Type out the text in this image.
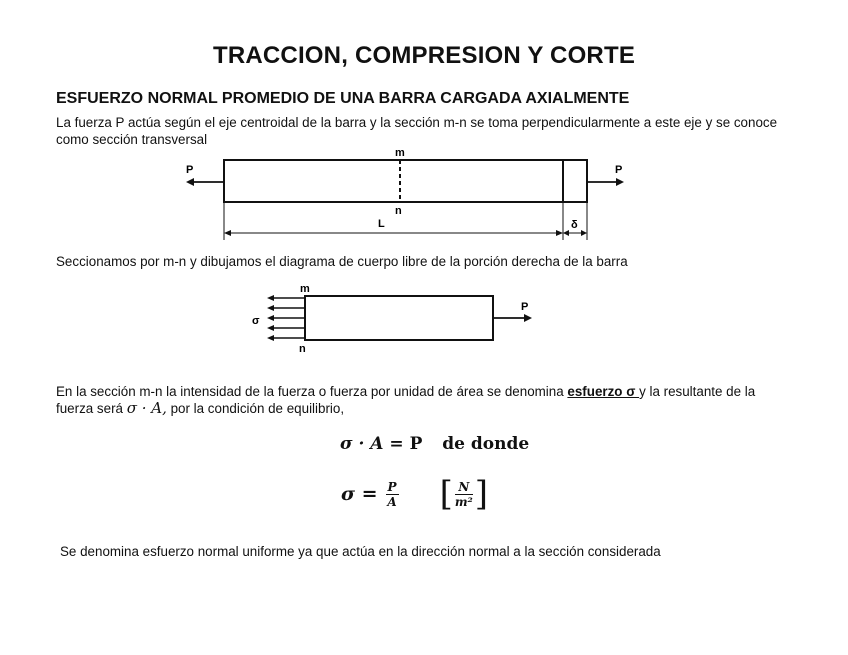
TRACCION, COMPRESION Y CORTE
ESFUERZO NORMAL PROMEDIO DE UNA BARRA CARGADA AXIALMENTE
La fuerza P actúa según el eje centroidal de la barra y la sección m-n se toma perpendicularmente a este eje y se conoce como sección transversal
m
n
P	P
L	δ
Seccionamos por m-n y dibujamos el diagrama de cuerpo libre de la porción derecha de la barra
m
n
σ
P
En la sección m-n la intensidad de la fuerza o fuerza por unidad de área se denomina esfuerzo σ y la resultante de la fuerza será σ · A, por la condición de equilibrio,
σ · A = P de donde
σ =	P
A		[	N
m²	]
Se denomina esfuerzo normal uniforme ya que actúa en la dirección normal a la sección considerada
